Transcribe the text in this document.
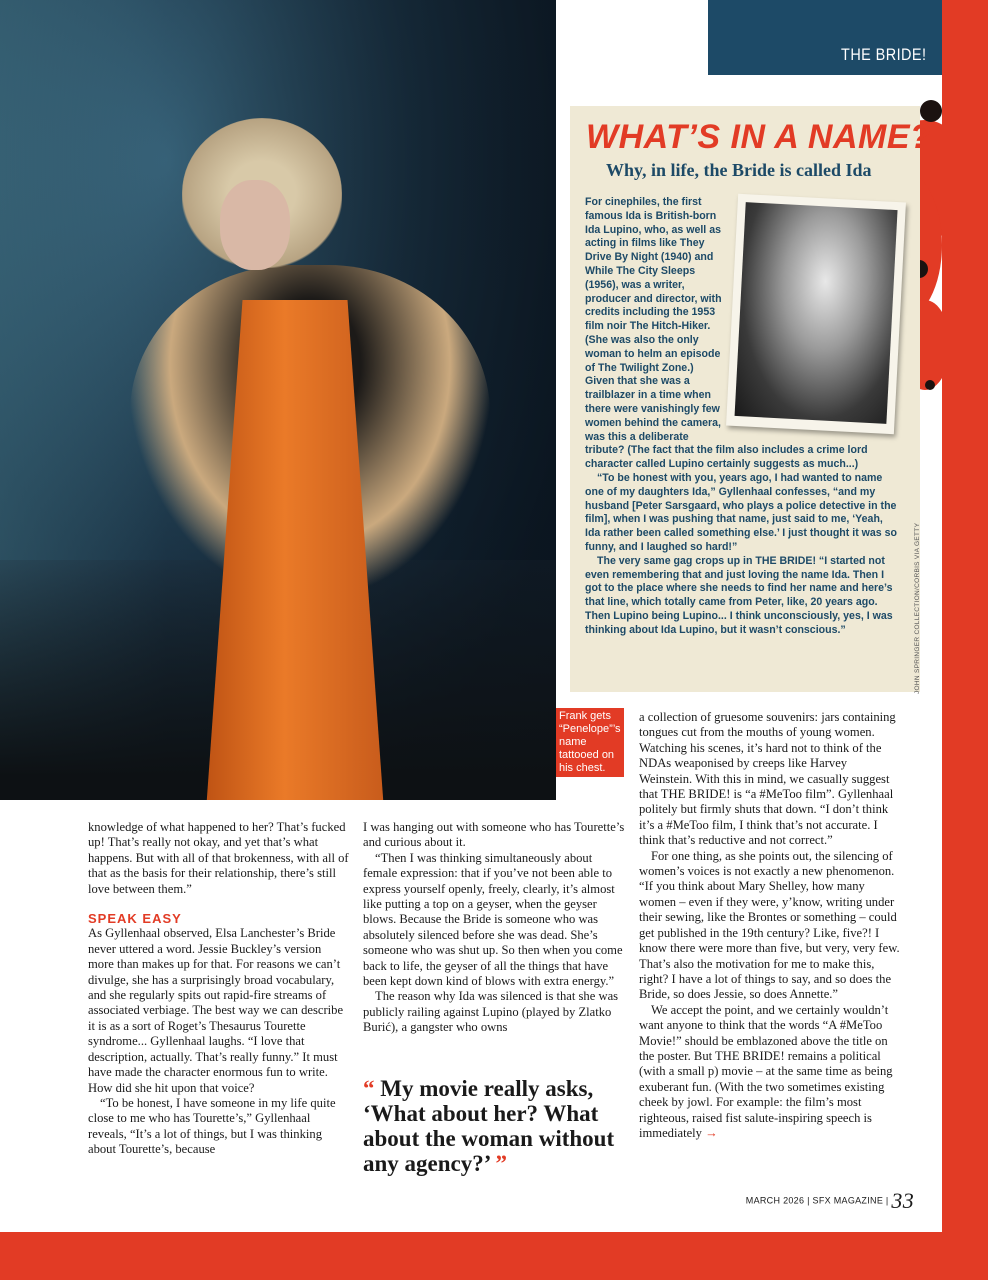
Frank gets “Penelope”’s name tattooed on his chest.
THE BRIDE!
WHAT’S IN A NAME?
Why, in life, the Bride is called Ida

For cinephiles, the first famous Ida is British-born Ida Lupino, who, as well as acting in films like They Drive By Night (1940) and While The City Sleeps (1956), was a writer, producer and director, with credits including the 1953 film noir The Hitch-Hiker. (She was also the only woman to helm an episode of The Twilight Zone.) Given that she was a trailblazer in a time when there were vanishingly few women behind the camera, was this a deliberate tribute? (The fact that the film also includes a crime lord character called Lupino certainly suggests as much...)

“To be honest with you, years ago, I had wanted to name one of my daughters Ida,” Gyllenhaal confesses, “and my husband [Peter Sarsgaard, who plays a police detective in the film], when I was pushing that name, just said to me, ‘Yeah, Ida rather been called something else.’ I just thought it was so funny, and I laughed so hard!”

The very same gag crops up in THE BRIDE! “I started not even remembering that and just loving the name Ida. Then I got to the place where she needs to find her name and here’s that line, which totally came from Peter, like, 20 years ago. Then Lupino being Lupino... I think unconsciously, yes, I was thinking about Ida Lupino, but it wasn’t conscious.”	JOHN SPRINGER COLLECTION/CORBIS VIA GETTY

knowledge of what happened to her? That’s fucked up! That’s really not okay, and yet that’s what happens. But with all of that brokenness, with all of that as the basis for their relationship, there’s still love between them.”

SPEAK EASY

As Gyllenhaal observed, Elsa Lanchester’s Bride never uttered a word. Jessie Buckley’s version more than makes up for that. For reasons we can’t divulge, she has a surprisingly broad vocabulary, and she regularly spits out rapid-fire streams of associated verbiage. The best way we can describe it is as a sort of Roget’s Thesaurus Tourette syndrome... Gyllenhaal laughs. “I love that description, actually. That’s really funny.” It must have made the character enormous fun to write. How did she hit upon that voice?

“To be honest, I have someone in my life quite close to me who has Tourette’s,” Gyllenhaal reveals, “It’s a lot of things, but I was thinking about Tourette’s, because

I was hanging out with someone who has Tourette’s and curious about it.

“Then I was thinking simultaneously about female expression: that if you’ve not been able to express yourself openly, freely, clearly, it’s almost like putting a top on a geyser, when the geyser blows. Because the Bride is someone who was absolutely silenced before she was dead. She’s someone who was shut up. So then when you come back to life, the geyser of all the things that have been kept down kind of blows with extra energy.”

The reason why Ida was silenced is that she was publicly railing against Lupino (played by Zlatko Burić), a gangster who owns

“ My movie really asks, ‘What about her? What about the woman without any agency?’ ”

a collection of gruesome souvenirs: jars containing tongues cut from the mouths of young women. Watching his scenes, it’s hard not to think of the NDAs weaponised by creeps like Harvey Weinstein. With this in mind, we casually suggest that THE BRIDE! is “a #MeToo film”. Gyllenhaal politely but firmly shuts that down. “I don’t think it’s a #MeToo film, I think that’s not accurate. I think that’s reductive and not correct.”

For one thing, as she points out, the silencing of women’s voices is not exactly a new phenomenon. “If you think about Mary Shelley, how many women – even if they were, y’know, writing under their sewing, like the Brontes or something – could get published in the 19th century? Like, five?! I know there were more than five, but very, very few. That’s also the motivation for me to make this, right? I have a lot of things to say, and so does the Bride, so does Jessie, so does Annette.”

We accept the point, and we certainly wouldn’t want anyone to think that the words “A #MeToo Movie!” should be emblazoned above the title on the poster. But THE BRIDE! remains a political (with a small p) movie – at the same time as being exuberant fun. (With the two sometimes existing cheek by jowl. For example: the film’s most righteous, raised fist salute-inspiring speech is immediately →

MARCH 2026 | SFX MAGAZINE | 33
